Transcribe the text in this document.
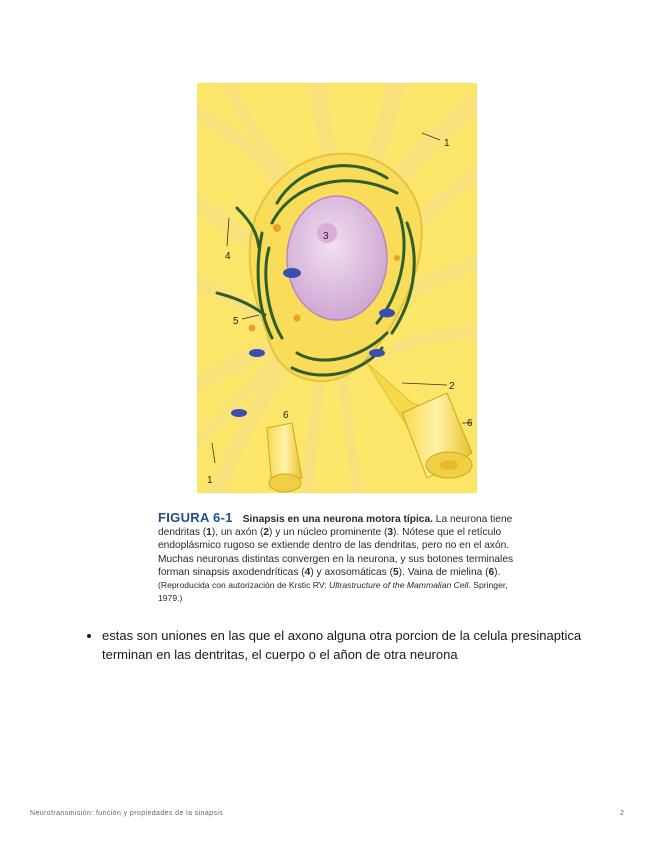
1
1
2
3
4
5
6
6
FIGURA 6-1 Sinapsis en una neurona motora típica. La neurona tiene dendritas (1), un axón (2) y un núcleo prominente (3). Nótese que el retículo endoplásmico rugoso se extiende dentro de las dendritas, pero no en el axón. Muchas neuronas distintas convergen en la neurona, y sus botones terminales forman sinapsis axodendríticas (4) y axosomáticas (5). Vaina de mielina (6). (Reproducida con autorización de Krstic RV: Ultrastructure of the Mammalian Cell. Springer, 1979.)
estas son uniones en las que el axono alguna otra porcion de la celula presinaptica terminan en las dentritas, el cuerpo o el añon de otra neurona
Neurotransmisión: función y propiedades de la sinapsis	2
